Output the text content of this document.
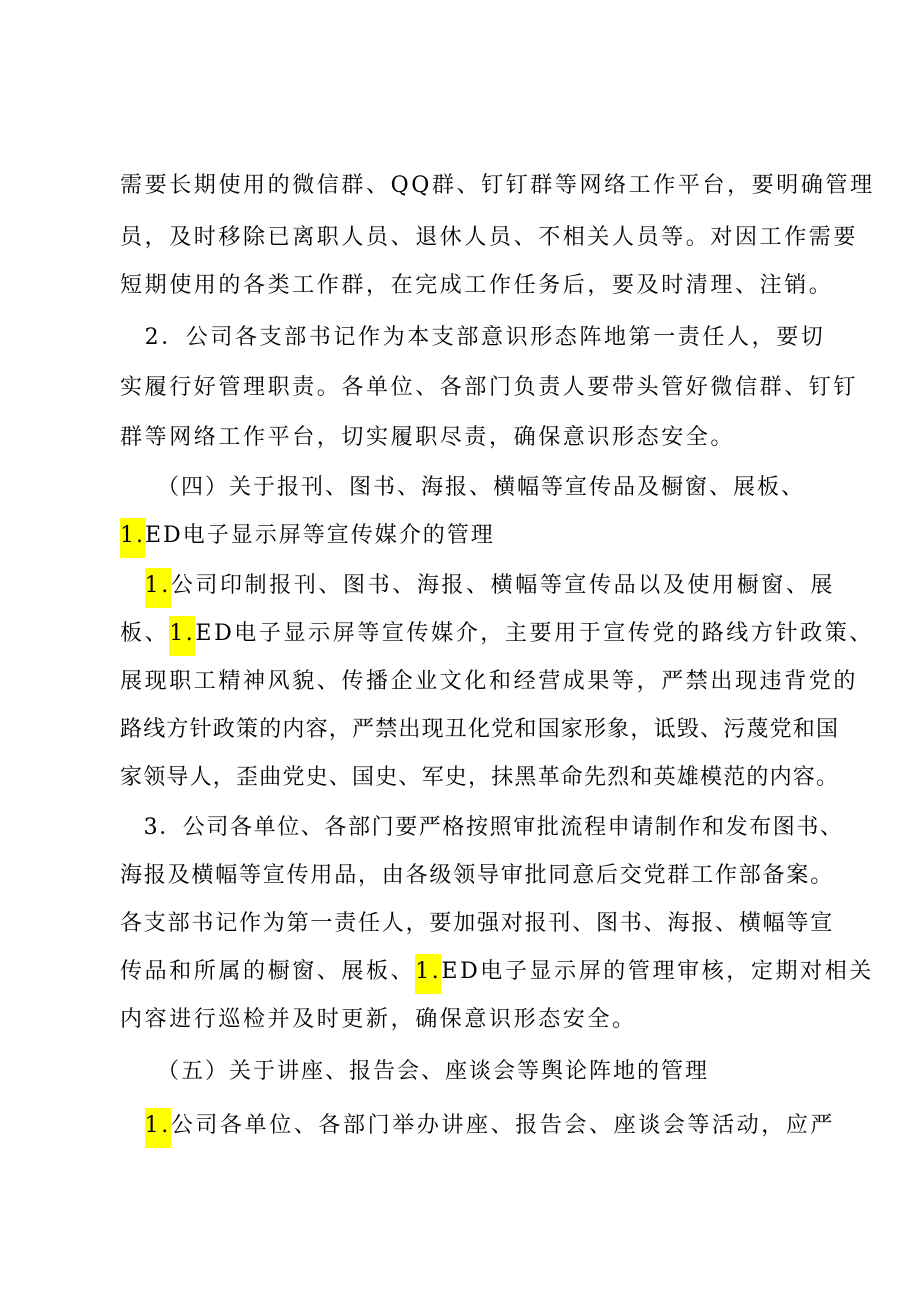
需要长期使用的微信群、QQ群、钉钉群等网络工作平台，要明确管理
员，及时移除已离职人员、退休人员、不相关人员等。对因工作需要
短期使用的各类工作群，在完成工作任务后，要及时清理、注销。
　2．公司各支部书记作为本支部意识形态阵地第一责任人，要切
实履行好管理职责。各单位、各部门负责人要带头管好微信群、钉钉
群等网络工作平台，切实履职尽责，确保意识形态安全。
　　（四）关于报刊、图书、海报、横幅等宣传品及橱窗、展板、
1.ED电子显示屏等宣传媒介的管理
　1.公司印制报刊、图书、海报、横幅等宣传品以及使用橱窗、展
板、1.ED电子显示屏等宣传媒介，主要用于宣传党的路线方针政策、
展现职工精神风貌、传播企业文化和经营成果等，严禁出现违背党的
路线方针政策的内容，严禁出现丑化党和国家形象，诋毁、污蔑党和国
家领导人，歪曲党史、国史、军史，抹黑革命先烈和英雄模范的内容。
　3．公司各单位、各部门要严格按照审批流程申请制作和发布图书、
海报及横幅等宣传用品，由各级领导审批同意后交党群工作部备案。
各支部书记作为第一责任人，要加强对报刊、图书、海报、横幅等宣
传品和所属的橱窗、展板、1.ED电子显示屏的管理审核，定期对相关
内容进行巡检并及时更新，确保意识形态安全。
　　（五）关于讲座、报告会、座谈会等舆论阵地的管理
　1.公司各单位、各部门举办讲座、报告会、座谈会等活动，应严
